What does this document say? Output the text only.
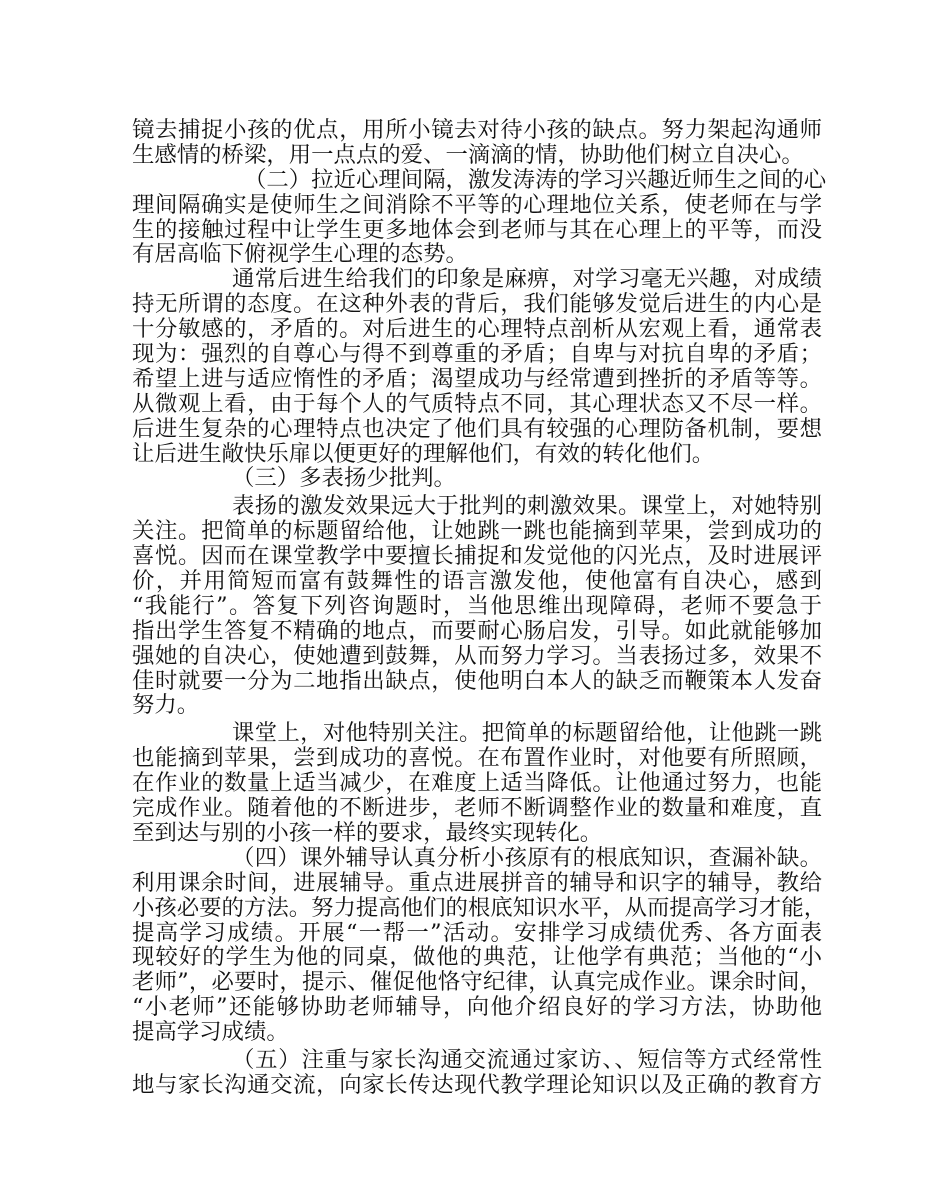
镜去捕捉小孩的优点，用所小镜去对待小孩的缺点。努力架起沟通师
生感情的桥梁，用一点点的爱、一滴滴的情，协助他们树立自决心。
（二）拉近心理间隔，激发涛涛的学习兴趣近师生之间的心
理间隔确实是使师生之间消除不平等的心理地位关系，使老师在与学
生的接触过程中让学生更多地体会到老师与其在心理上的平等，而没
有居高临下俯视学生心理的态势。
通常后进生给我们的印象是麻痹，对学习毫无兴趣，对成绩
持无所谓的态度。在这种外表的背后，我们能够发觉后进生的内心是
十分敏感的，矛盾的。对后进生的心理特点剖析从宏观上看，通常表
现为：强烈的自尊心与得不到尊重的矛盾；自卑与对抗自卑的矛盾；
希望上进与适应惰性的矛盾；渴望成功与经常遭到挫折的矛盾等等。
从微观上看，由于每个人的气质特点不同，其心理状态又不尽一样。
后进生复杂的心理特点也决定了他们具有较强的心理防备机制，要想
让后进生敞快乐扉以便更好的理解他们，有效的转化他们。
（三）多表扬少批判。
表扬的激发效果远大于批判的刺激效果。课堂上，对她特别
关注。把简单的标题留给他，让她跳一跳也能摘到苹果，尝到成功的
喜悦。因而在课堂教学中要擅长捕捉和发觉他的闪光点，及时进展评
价，并用简短而富有鼓舞性的语言激发他，使他富有自决心，感到
“我能行”。答复下列咨询题时，当他思维出现障碍，老师不要急于
指出学生答复不精确的地点，而要耐心肠启发，引导。如此就能够加
强她的自决心，使她遭到鼓舞，从而努力学习。当表扬过多，效果不
佳时就要一分为二地指出缺点，使他明白本人的缺乏而鞭策本人发奋
努力。
课堂上，对他特别关注。把简单的标题留给他，让他跳一跳
也能摘到苹果，尝到成功的喜悦。在布置作业时，对他要有所照顾，
在作业的数量上适当减少，在难度上适当降低。让他通过努力，也能
完成作业。随着他的不断进步，老师不断调整作业的数量和难度，直
至到达与别的小孩一样的要求，最终实现转化。
（四）课外辅导认真分析小孩原有的根底知识，查漏补缺。
利用课余时间，进展辅导。重点进展拼音的辅导和识字的辅导，教给
小孩必要的方法。努力提高他们的根底知识水平，从而提高学习才能，
提高学习成绩。开展“一帮一”活动。安排学习成绩优秀、各方面表
现较好的学生为他的同桌，做他的典范，让他学有典范；当他的“小
老师”，必要时，提示、催促他恪守纪律，认真完成作业。课余时间，
“小老师”还能够协助老师辅导，向他介绍良好的学习方法，协助他
提高学习成绩。
（五）注重与家长沟通交流通过家访、、短信等方式经常性
地与家长沟通交流，向家长传达现代教学理论知识以及正确的教育方
